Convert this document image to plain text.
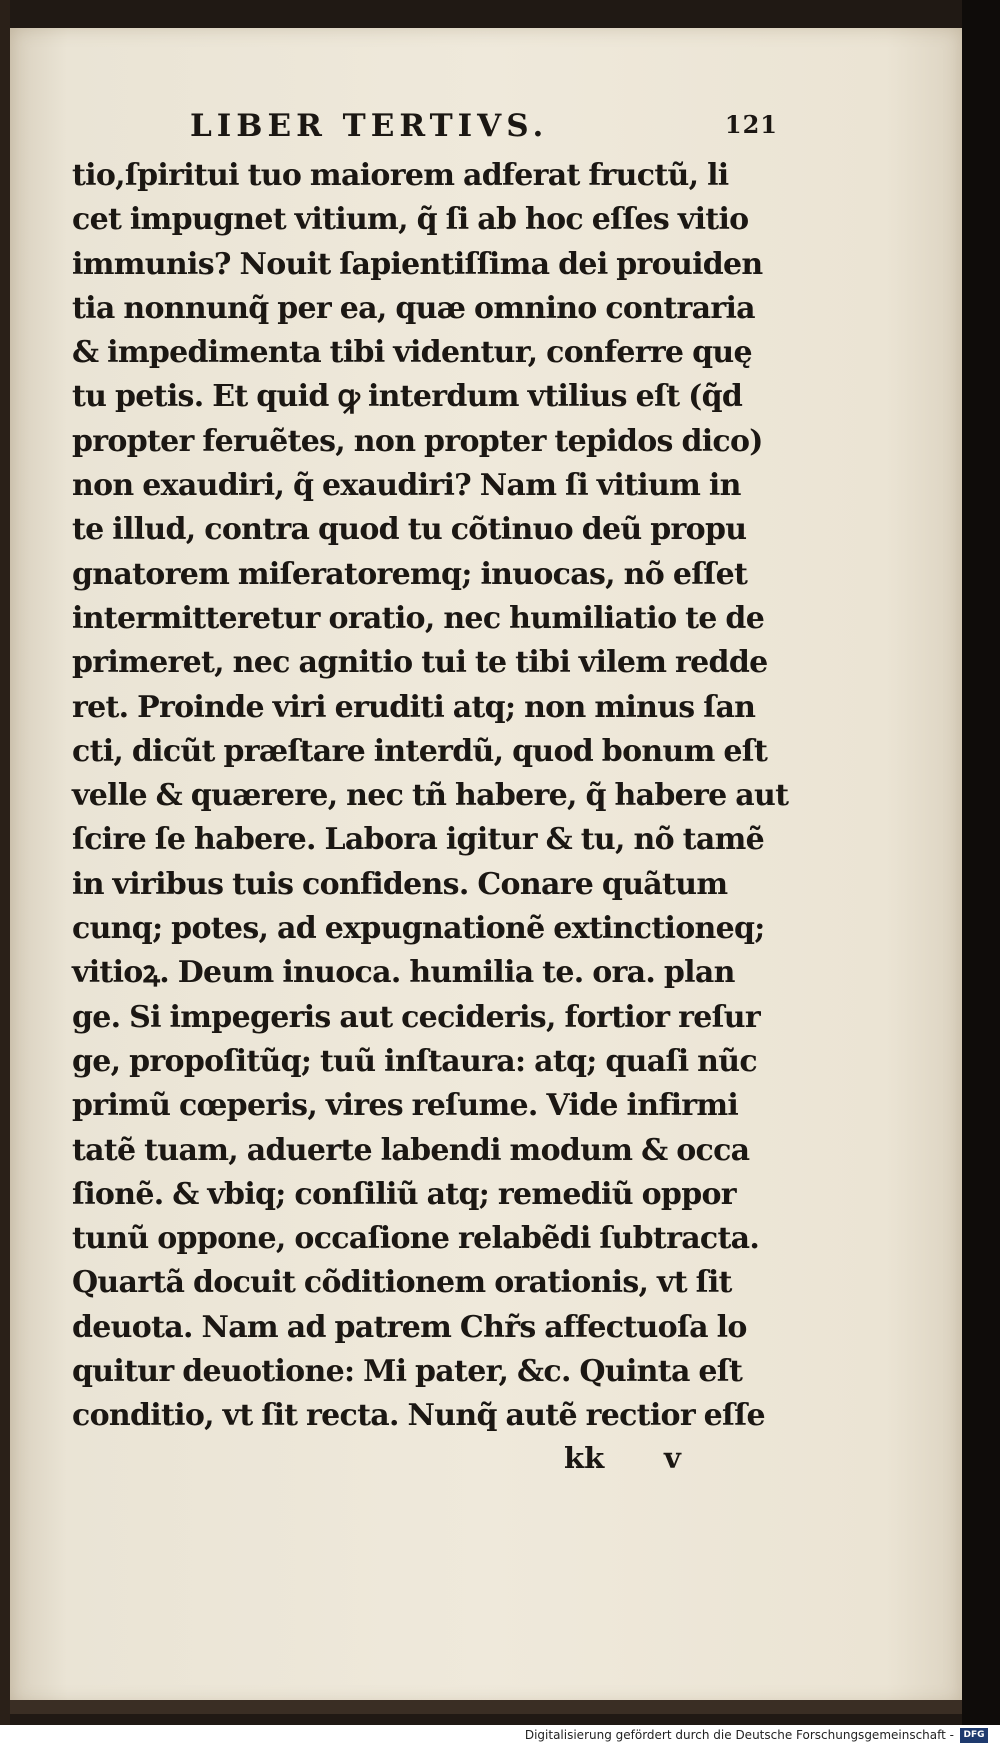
LIBER TERTIVS.	121
tio,ſpiritui tuo maiorem adferat fructũ, li
cet impugnet vitium, q̃ ſi ab hoc eſſes vitio
immunis? Nouit ſapientiſſima dei prouiden
tia nonnunq̃ per ea, quæ omnino contraria
& impedimenta tibi videntur, conferre quę
tu petis. Et quid ꝙ interdum vtilius eſt (q̃d
propter feruẽtes, non propter tepidos dico)
non exaudiri, q̃ exaudiri? Nam ſi vitium in
te illud, contra quod tu cõtinuo deũ propu
gnatorem miſeratoremq; inuocas, nõ eſſet
intermitteretur oratio, nec humiliatio te de
primeret, nec agnitio tui te tibi vilem redde
ret. Proinde viri eruditi atq; non minus ſan
cti, dicũt præſtare interdũ, quod bonum eſt
velle & quærere, nec tñ habere, q̃ habere aut
ſcire ſe habere. Labora igitur & tu, nõ tamẽ
in viribus tuis confidens. Conare quãtum
cunq; potes, ad expugnationẽ extinctioneq;
vitioꝝ. Deum inuoca. humilia te. ora. plan
ge. Si impegeris aut cecideris, fortior reſur
ge, propoſitũq; tuũ inſtaura: atq; quaſi nũc
primũ cœperis, vires reſume. Vide infirmi
tatẽ tuam, aduerte labendi modum & occa
ſionẽ. & vbiq; conſiliũ atq; remediũ oppor
tunũ oppone, occaſione relabẽdi ſubtracta.
Quartã docuit cõditionem orationis, vt ſit
deuota. Nam ad patrem Chr̃s affectuoſa lo
quitur deuotione: Mi pater, &c. Quinta eſt
conditio, vt ſit recta. Nunq̃ autẽ rectior eſſe
kk v
Digitalisierung gefördert durch die Deutsche Forschungsgemeinschaft -	DFG
